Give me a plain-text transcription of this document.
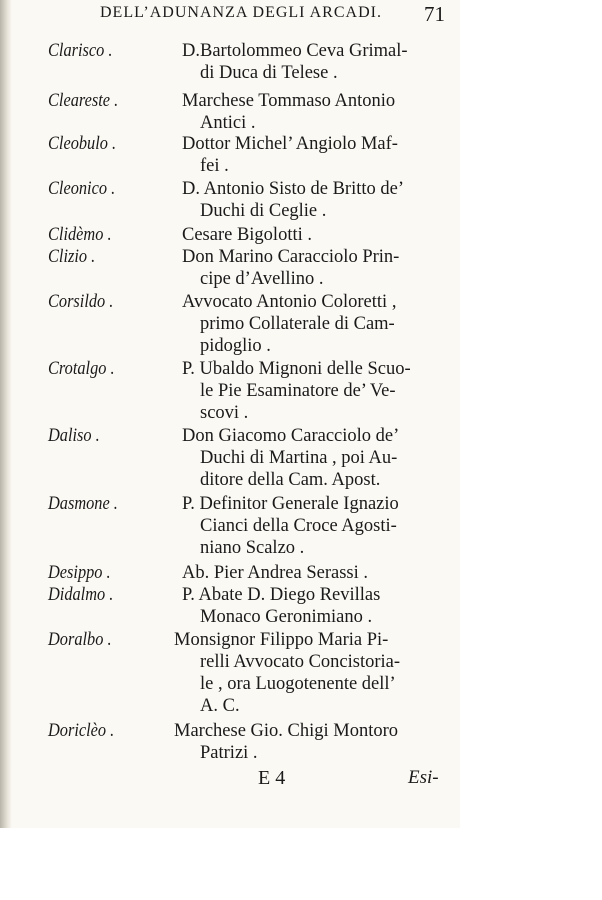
DELL’ADUNANZA DEGLI ARCADI.	71
Clarisco .	D.Bartolommeo Ceva Grimal-
di Duca di Telese .
Cleareste .	Marchese Tommaso Antonio
Antici .
Cleobulo .	Dottor Michel’ Angiolo Maf-
fei .
Cleonico .	D. Antonio Sisto de Britto de’
Duchi di Ceglie .
Clidèmo .	Cesare Bigolotti .
Clizio .	Don Marino Caracciolo Prin-
cipe d’Avellino .
Corsildo .	Avvocato Antonio Coloretti ,
primo Collaterale di Cam-
pidoglio .
Crotalgo .	P. Ubaldo Mignoni delle Scuo-
le Pie Esaminatore de’ Ve-
scovi .
Daliso .	Don Giacomo Caracciolo de’
Duchi di Martina , poi Au-
ditore della Cam. Apost.
Dasmone .	P. Definitor Generale Ignazio
Cianci della Croce Agosti-
niano Scalzo .
Desippo .	Ab. Pier Andrea Serassi .
Didalmo .	P. Abate D. Diego Revillas
Monaco Geronimiano .
Doralbo .	Monsignor Filippo Maria Pi-
relli Avvocato Concistoria-
le , ora Luogotenente dell’
A. C.
Doriclèo .	Marchese Gio. Chigi Montoro
Patrizi .
E 4	Esi-
